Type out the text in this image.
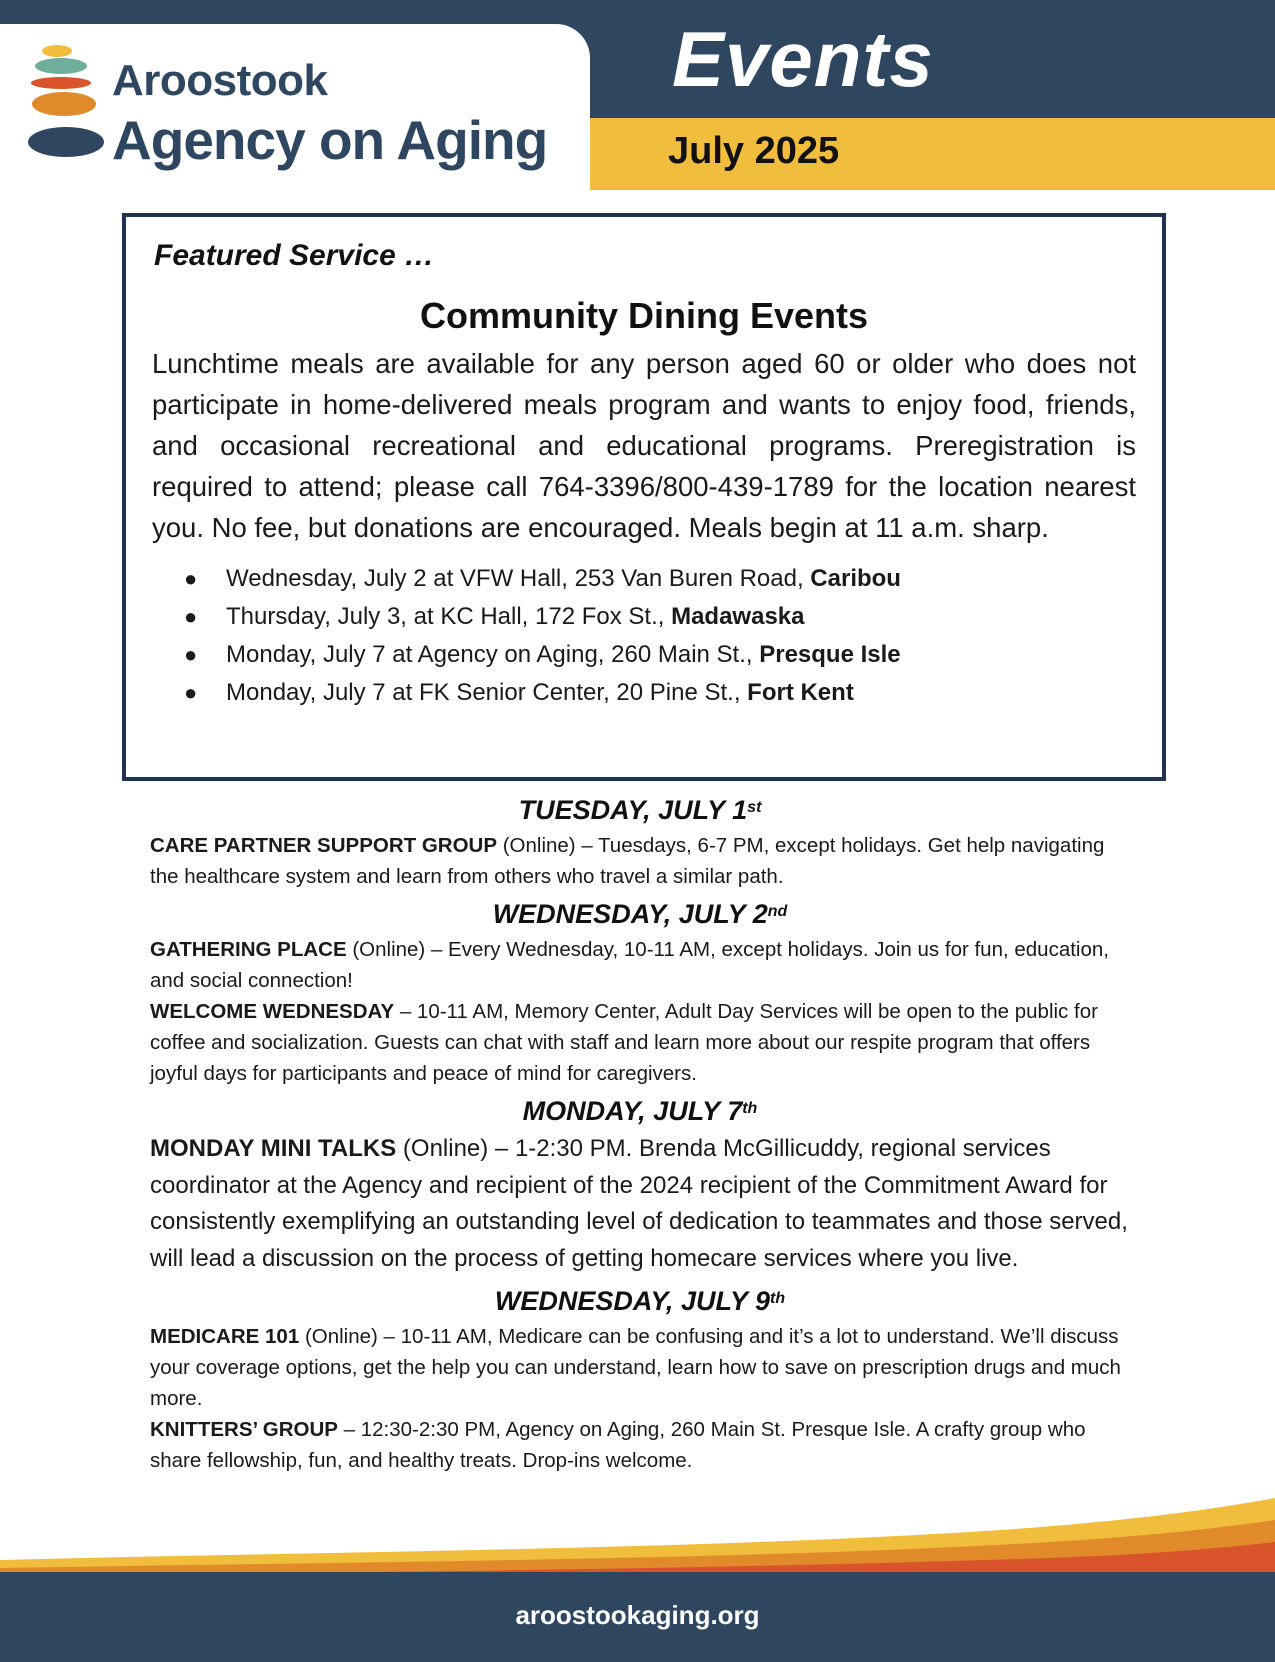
Aroostook
Agency on Aging
Events
July 2025
Featured Service …
Community Dining Events
Lunchtime meals are available for any person aged 60 or older who does not participate in home-delivered meals program and wants to enjoy food, friends, and occasional recreational and educational programs. Preregistration is required to attend; please call 764-3396/800-439-1789 for the location nearest you. No fee, but donations are encouraged. Meals begin at 11 a.m. sharp.
● Wednesday, July 2 at VFW Hall, 253 Van Buren Road, Caribou
● Thursday, July 3, at KC Hall, 172 Fox St., Madawaska
● Monday, July 7 at Agency on Aging, 260 Main St., Presque Isle
● Monday, July 7 at FK Senior Center, 20 Pine St., Fort Kent
TUESDAY, JULY 1st
CARE PARTNER SUPPORT GROUP (Online) – Tuesdays, 6-7 PM, except holidays. Get help navigating the healthcare system and learn from others who travel a similar path.
WEDNESDAY, JULY 2nd
GATHERING PLACE (Online) – Every Wednesday, 10-11 AM, except holidays. Join us for fun, education, and social connection!
WELCOME WEDNESDAY – 10-11 AM, Memory Center, Adult Day Services will be open to the public for coffee and socialization. Guests can chat with staff and learn more about our respite program that offers joyful days for participants and peace of mind for caregivers.
MONDAY, JULY 7th
MONDAY MINI TALKS (Online) – 1-2:30 PM. Brenda McGillicuddy, regional services coordinator at the Agency and recipient of the 2024 recipient of the Commitment Award for consistently exemplifying an outstanding level of dedication to teammates and those served, will lead a discussion on the process of getting homecare services where you live.
WEDNESDAY, JULY 9th
MEDICARE 101 (Online) – 10-11 AM, Medicare can be confusing and it’s a lot to understand. We’ll discuss your coverage options, get the help you can understand, learn how to save on prescription drugs and much more.
KNITTERS’ GROUP – 12:30-2:30 PM, Agency on Aging, 260 Main St. Presque Isle. A crafty group who share fellowship, fun, and healthy treats. Drop-ins welcome.
aroostookaging.org
